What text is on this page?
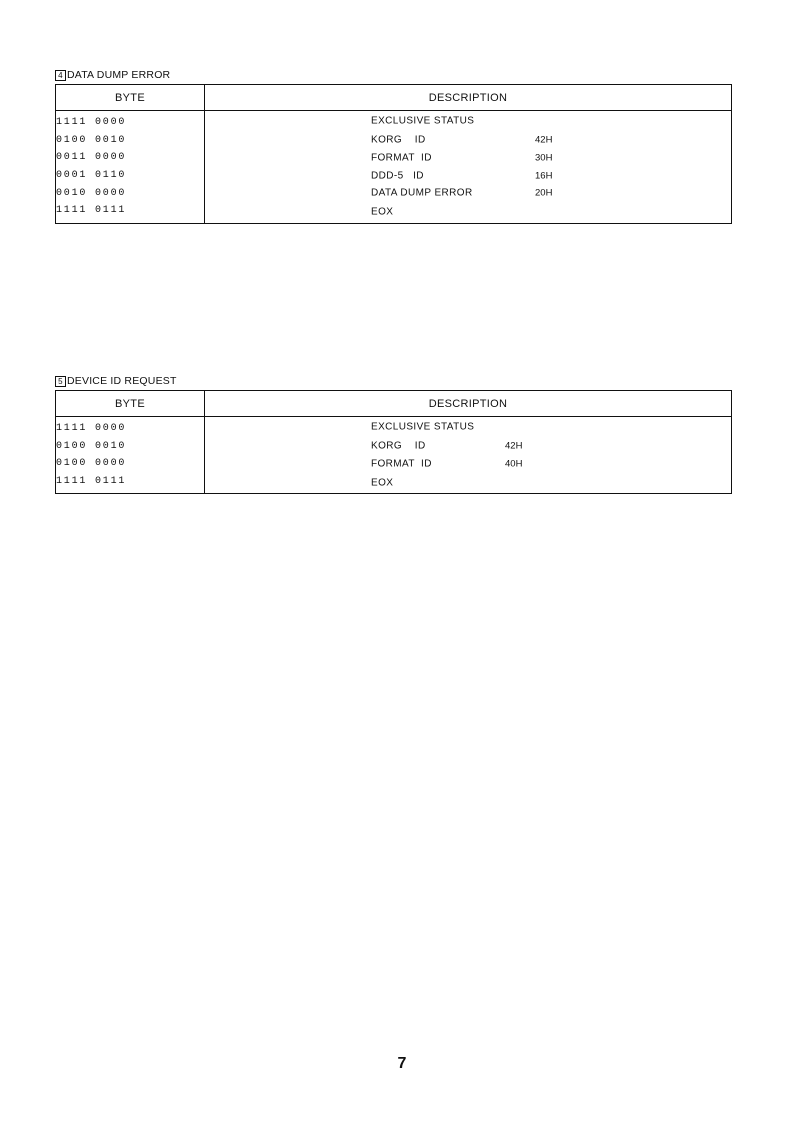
4 DATA DUMP ERROR
BYTE	DESCRIPTION
1111 0000	EXCLUSIVE STATUS

0100 0010	KORG    ID 42H

0011 0000	FORMAT  ID 30H

0001 0110	DDD-5   ID 16H

0010 0000	DATA DUMP ERROR 20H

1111 0111	EOX
5 DEVICE ID REQUEST
BYTE	DESCRIPTION
1111 0000	EXCLUSIVE STATUS

0100 0010	KORG    ID 42H

0100 0000	FORMAT  ID 40H

1111 0111	EOX
7
